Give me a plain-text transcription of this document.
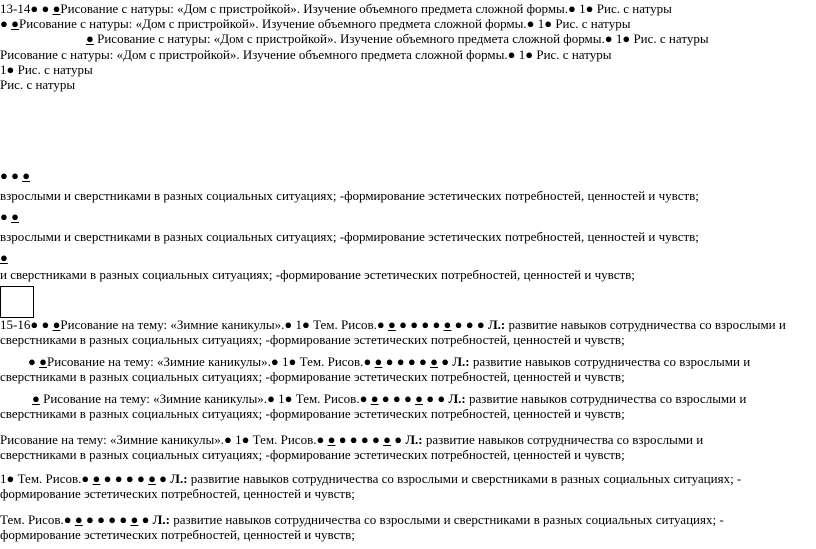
13-14● ● ●Рисование с натуры: «Дом с пристройкой». Изучение объемного предмета сложной формы.● 1● Рис. с натуры
● ●Рисование с натуры: «Дом с пристройкой». Изучение объемного предмета сложной формы.● 1● Рис. с натуры
● Рисование с натуры: «Дом с пристройкой». Изучение объемного предмета сложной формы.● 1● Рис. с натуры
Рисование с натуры: «Дом с пристройкой». Изучение объемного предмета сложной формы.● 1● Рис. с натуры
1● Рис. с натуры
Рис. с натуры
● ● ●
взрослыми и сверстниками в разных социальных ситуациях; -формирование эстетических потребностей, ценностей и чувств;
● ●
взрослыми и сверстниками в разных социальных ситуациях; -формирование эстетических потребностей, ценностей и чувств;
●
и сверстниками в разных социальных ситуациях; -формирование эстетических потребностей, ценностей и чувств;
15-16● ● ●Рисование на тему: «Зимние каникулы».● 1● Тем. Рисов.● ● ● ● ● ● ● ● ● ● Л.: развитие навыков сотрудничества со взрослыми и
сверстниками в разных социальных ситуациях; -формирование эстетических потребностей, ценностей и чувств;
● ●Рисование на тему: «Зимние каникулы».● 1● Тем. Рисов.● ● ● ● ● ● ● ● Л.: развитие навыков сотрудничества со взрослыми и
сверстниками в разных социальных ситуациях; -формирование эстетических потребностей, ценностей и чувств;
● Рисование на тему: «Зимние каникулы».● 1● Тем. Рисов.● ● ● ● ● ● ● ● Л.: развитие навыков сотрудничества со взрослыми и
сверстниками в разных социальных ситуациях; -формирование эстетических потребностей, ценностей и чувств;
Рисование на тему: «Зимние каникулы».● 1● Тем. Рисов.● ● ● ● ● ● ● ● Л.: развитие навыков сотрудничества со взрослыми и
сверстниками в разных социальных ситуациях; -формирование эстетических потребностей, ценностей и чувств;
1● Тем. Рисов.● ● ● ● ● ● ● ● Л.: развитие навыков сотрудничества со взрослыми и сверстниками в разных социальных ситуациях; -
формирование эстетических потребностей, ценностей и чувств;
Тем. Рисов.● ● ● ● ● ● ● ● Л.: развитие навыков сотрудничества со взрослыми и сверстниками в разных социальных ситуациях; -
формирование эстетических потребностей, ценностей и чувств;
